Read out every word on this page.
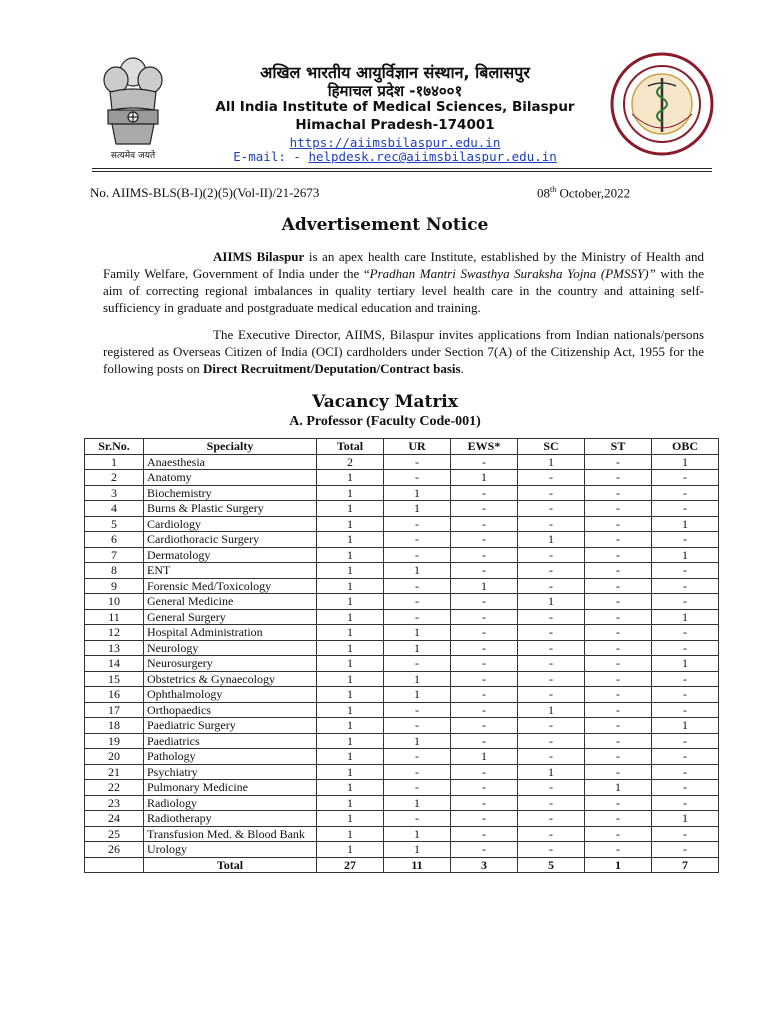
सत्यमेव जयते
अखिल भारतीय आयुर्विज्ञान संस्थान, बिलासपुर
हिमाचल प्रदेश -१७४००१
All India Institute of Medical Sciences, Bilaspur
Himachal Pradesh-174001
https://aiimsbilaspur.edu.in
E-mail: - helpdesk.rec@aiimsbilaspur.edu.in
No. AIIMS-BLS(B-I)(2)(5)(Vol-II)/21-2673	08th October,2022
Advertisement Notice
AIIMS Bilaspur is an apex health care Institute, established by the Ministry of Health and Family Welfare, Government of India under the “Pradhan Mantri Swasthya Suraksha Yojna (PMSSY)” with the aim of correcting regional imbalances in quality tertiary level health care in the country and attaining self-sufficiency in graduate and postgraduate medical education and training.
The Executive Director, AIIMS, Bilaspur invites applications from Indian nationals/persons registered as Overseas Citizen of India (OCI) cardholders under Section 7(A) of the Citizenship Act, 1955 for the following posts on Direct Recruitment/Deputation/Contract basis.
Vacancy Matrix
A. Professor (Faculty Code-001)
Sr.No.	Specialty	Total	UR	EWS*	SC	ST	OBC
1	Anaesthesia	2	-	-	1	-	1
2	Anatomy	1	-	1	-	-	-
3	Biochemistry	1	1	-	-	-	-
4	Burns & Plastic Surgery	1	1	-	-	-	-
5	Cardiology	1	-	-	-	-	1
6	Cardiothoracic Surgery	1	-	-	1	-	-
7	Dermatology	1	-	-	-	-	1
8	ENT	1	1	-	-	-	-
9	Forensic Med/Toxicology	1	-	1	-	-	-
10	General Medicine	1	-	-	1	-	-
11	General Surgery	1	-	-	-	-	1
12	Hospital Administration	1	1	-	-	-	-
13	Neurology	1	1	-	-	-	-
14	Neurosurgery	1	-	-	-	-	1
15	Obstetrics & Gynaecology	1	1	-	-	-	-
16	Ophthalmology	1	1	-	-	-	-
17	Orthopaedics	1	-	-	1	-	-
18	Paediatric Surgery	1	-	-	-	-	1
19	Paediatrics	1	1	-	-	-	-
20	Pathology	1	-	1	-	-	-
21	Psychiatry	1	-	-	1	-	-
22	Pulmonary Medicine	1	-	-	-	1	-
23	Radiology	1	1	-	-	-	-
24	Radiotherapy	1	-	-	-	-	1
25	Transfusion Med. & Blood Bank	1	1	-	-	-	-
26	Urology	1	1	-	-	-	-
	Total	27	11	3	5	1	7
